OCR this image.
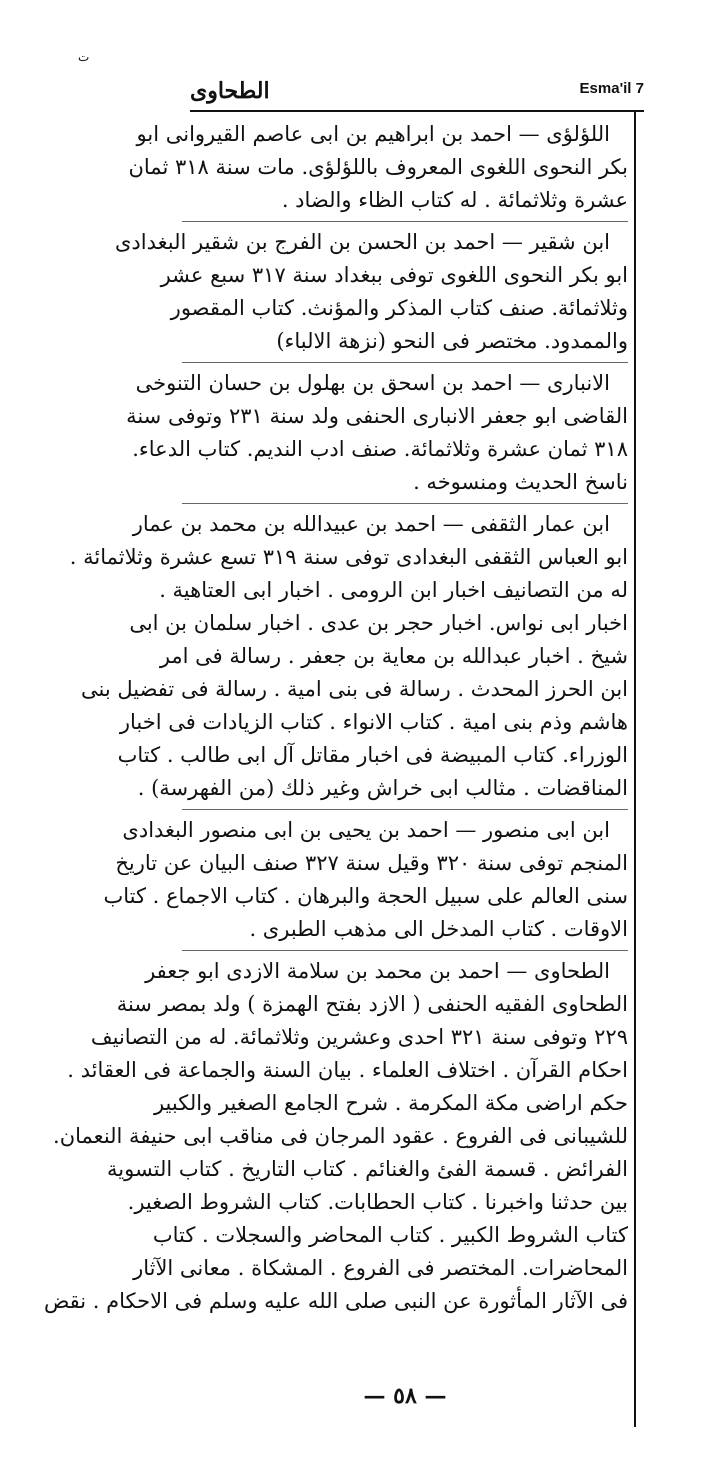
ت
الطحاوى	Esma'il 7
اللؤلؤى — احمد بن ابراهيم بن ابى عاصم القيروانى ابو
بكر النحوى اللغوى المعروف باللؤلؤى. مات سنة ٣١٨ ثمان
عشرة وثلاثمائة . له كتاب الظاء والضاد .
ابن شقير — احمد بن الحسن بن الفرج بن شقير البغدادى
ابو بكر النحوى اللغوى توفى ببغداد سنة ٣١٧ سبع عشر
وثلاثمائة. صنف كتاب المذكر والمؤنث. كتاب المقصور
والممدود. مختصر فى النحو (نزهة الالباء)
الانبارى — احمد بن اسحق بن بهلول بن حسان التنوخى
القاضى ابو جعفر الانبارى الحنفى ولد سنة ٢٣١ وتوفى سنة
٣١٨ ثمان عشرة وثلاثمائة. صنف ادب النديم. كتاب الدعاء.
ناسخ الحديث ومنسوخه .
ابن عمار الثقفى — احمد بن عبيدالله بن محمد بن عمار
ابو العباس الثقفى البغدادى توفى سنة ٣١٩ تسع عشرة وثلاثمائة .
له من التصانيف اخبار ابن الرومى . اخبار ابى العتاهية .
اخبار ابى نواس. اخبار حجر بن عدى . اخبار سلمان بن ابى
شيخ . اخبار عبدالله بن معاية بن جعفر . رسالة فى امر
ابن الحرز المحدث . رسالة فى بنى امية . رسالة فى تفضيل بنى
هاشم وذم بنى امية . كتاب الانواء . كتاب الزيادات فى اخبار
الوزراء. كتاب المبيضة فى اخبار مقاتل آل ابى طالب . كتاب
المناقضات . مثالب ابى خراش وغير ذلك (من الفهرسة) .
ابن ابى منصور — احمد بن يحيى بن ابى منصور البغدادى
المنجم توفى سنة ٣٢٠ وقيل سنة ٣٢٧ صنف البيان عن تاريخ
سنى العالم على سبيل الحجة والبرهان . كتاب الاجماع . كتاب
الاوقات . كتاب المدخل الى مذهب الطبرى .
الطحاوى — احمد بن محمد بن سلامة الازدى ابو جعفر
الطحاوى الفقيه الحنفى ( الازد بفتح الهمزة ) ولد بمصر سنة
٢٢٩ وتوفى سنة ٣٢١ احدى وعشرين وثلاثمائة. له من التصانيف
احكام القرآن . اختلاف العلماء . بيان السنة والجماعة فى العقائد .
حكم اراضى مكة المكرمة . شرح الجامع الصغير والكبير
للشيبانى فى الفروع . عقود المرجان فى مناقب ابى حنيفة النعمان.
الفرائض . قسمة الفئ والغنائم . كتاب التاريخ . كتاب التسوية
بين حدثنا واخبرنا . كتاب الحطابات. كتاب الشروط الصغير.
كتاب الشروط الكبير . كتاب المحاضر والسجلات . كتاب
المحاضرات. المختصر فى الفروع . المشكاة . معانى الآثار
فى الآثار المأثورة عن النبى صلى الله عليه وسلم فى الاحكام . نقض
— ٥٨ —
